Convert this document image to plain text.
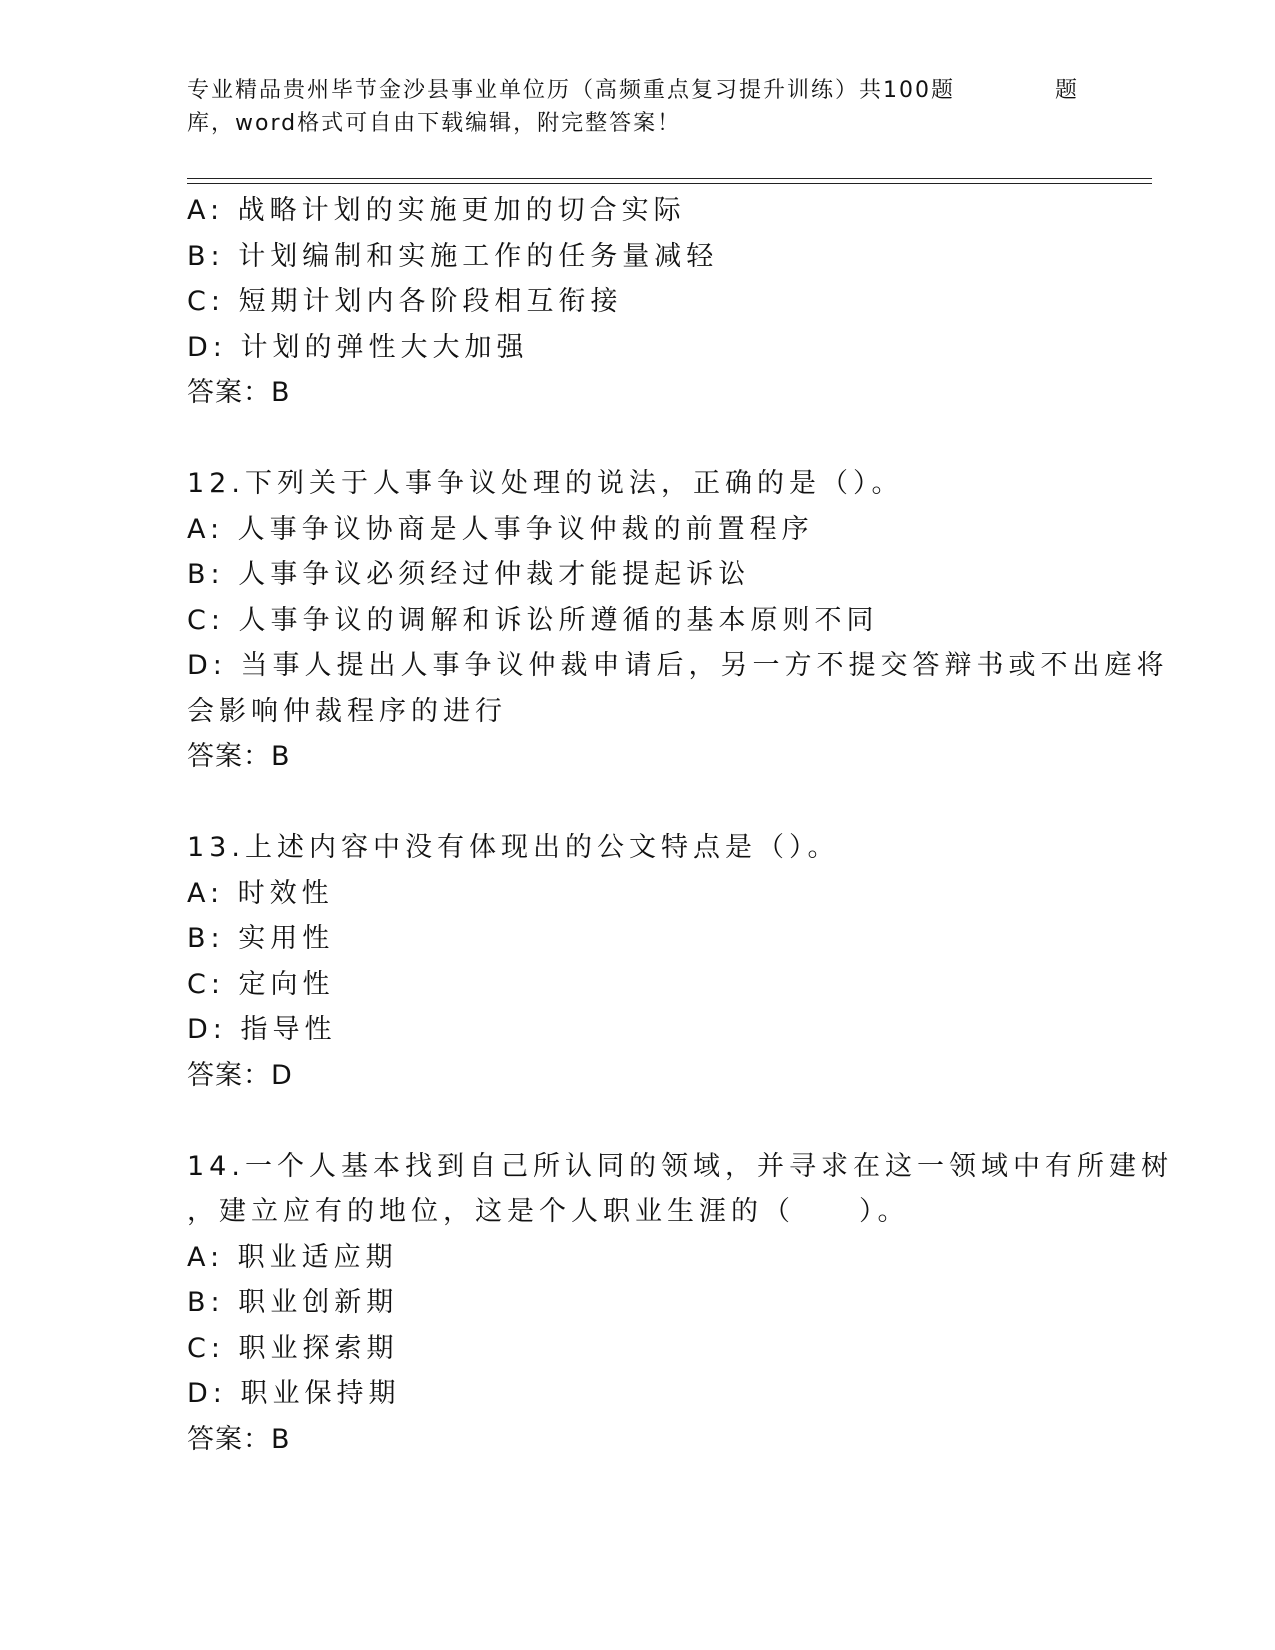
专业精品贵州毕节金沙县事业单位历（高频重点复习提升训练）共100题
库，word格式可自由下载编辑，附完整答案！
题
A: 战略计划的实施更加的切合实际
B: 计划编制和实施工作的任务量减轻
C: 短期计划内各阶段相互衔接
D: 计划的弹性大大加强
答案：B
12.下列关于人事争议处理的说法，正确的是（）。
A: 人事争议协商是人事争议仲裁的前置程序
B: 人事争议必须经过仲裁才能提起诉讼
C: 人事争议的调解和诉讼所遵循的基本原则不同
D: 当事人提出人事争议仲裁申请后，另一方不提交答辩书或不出庭将
会影响仲裁程序的进行
答案：B
13.上述内容中没有体现出的公文特点是（）。
A: 时效性
B: 实用性
C: 定向性
D: 指导性
答案：D
14.一个人基本找到自己所认同的领域，并寻求在这一领域中有所建树
，建立应有的地位，这是个人职业生涯的（　　）。
A: 职业适应期
B: 职业创新期
C: 职业探索期
D: 职业保持期
答案：B
